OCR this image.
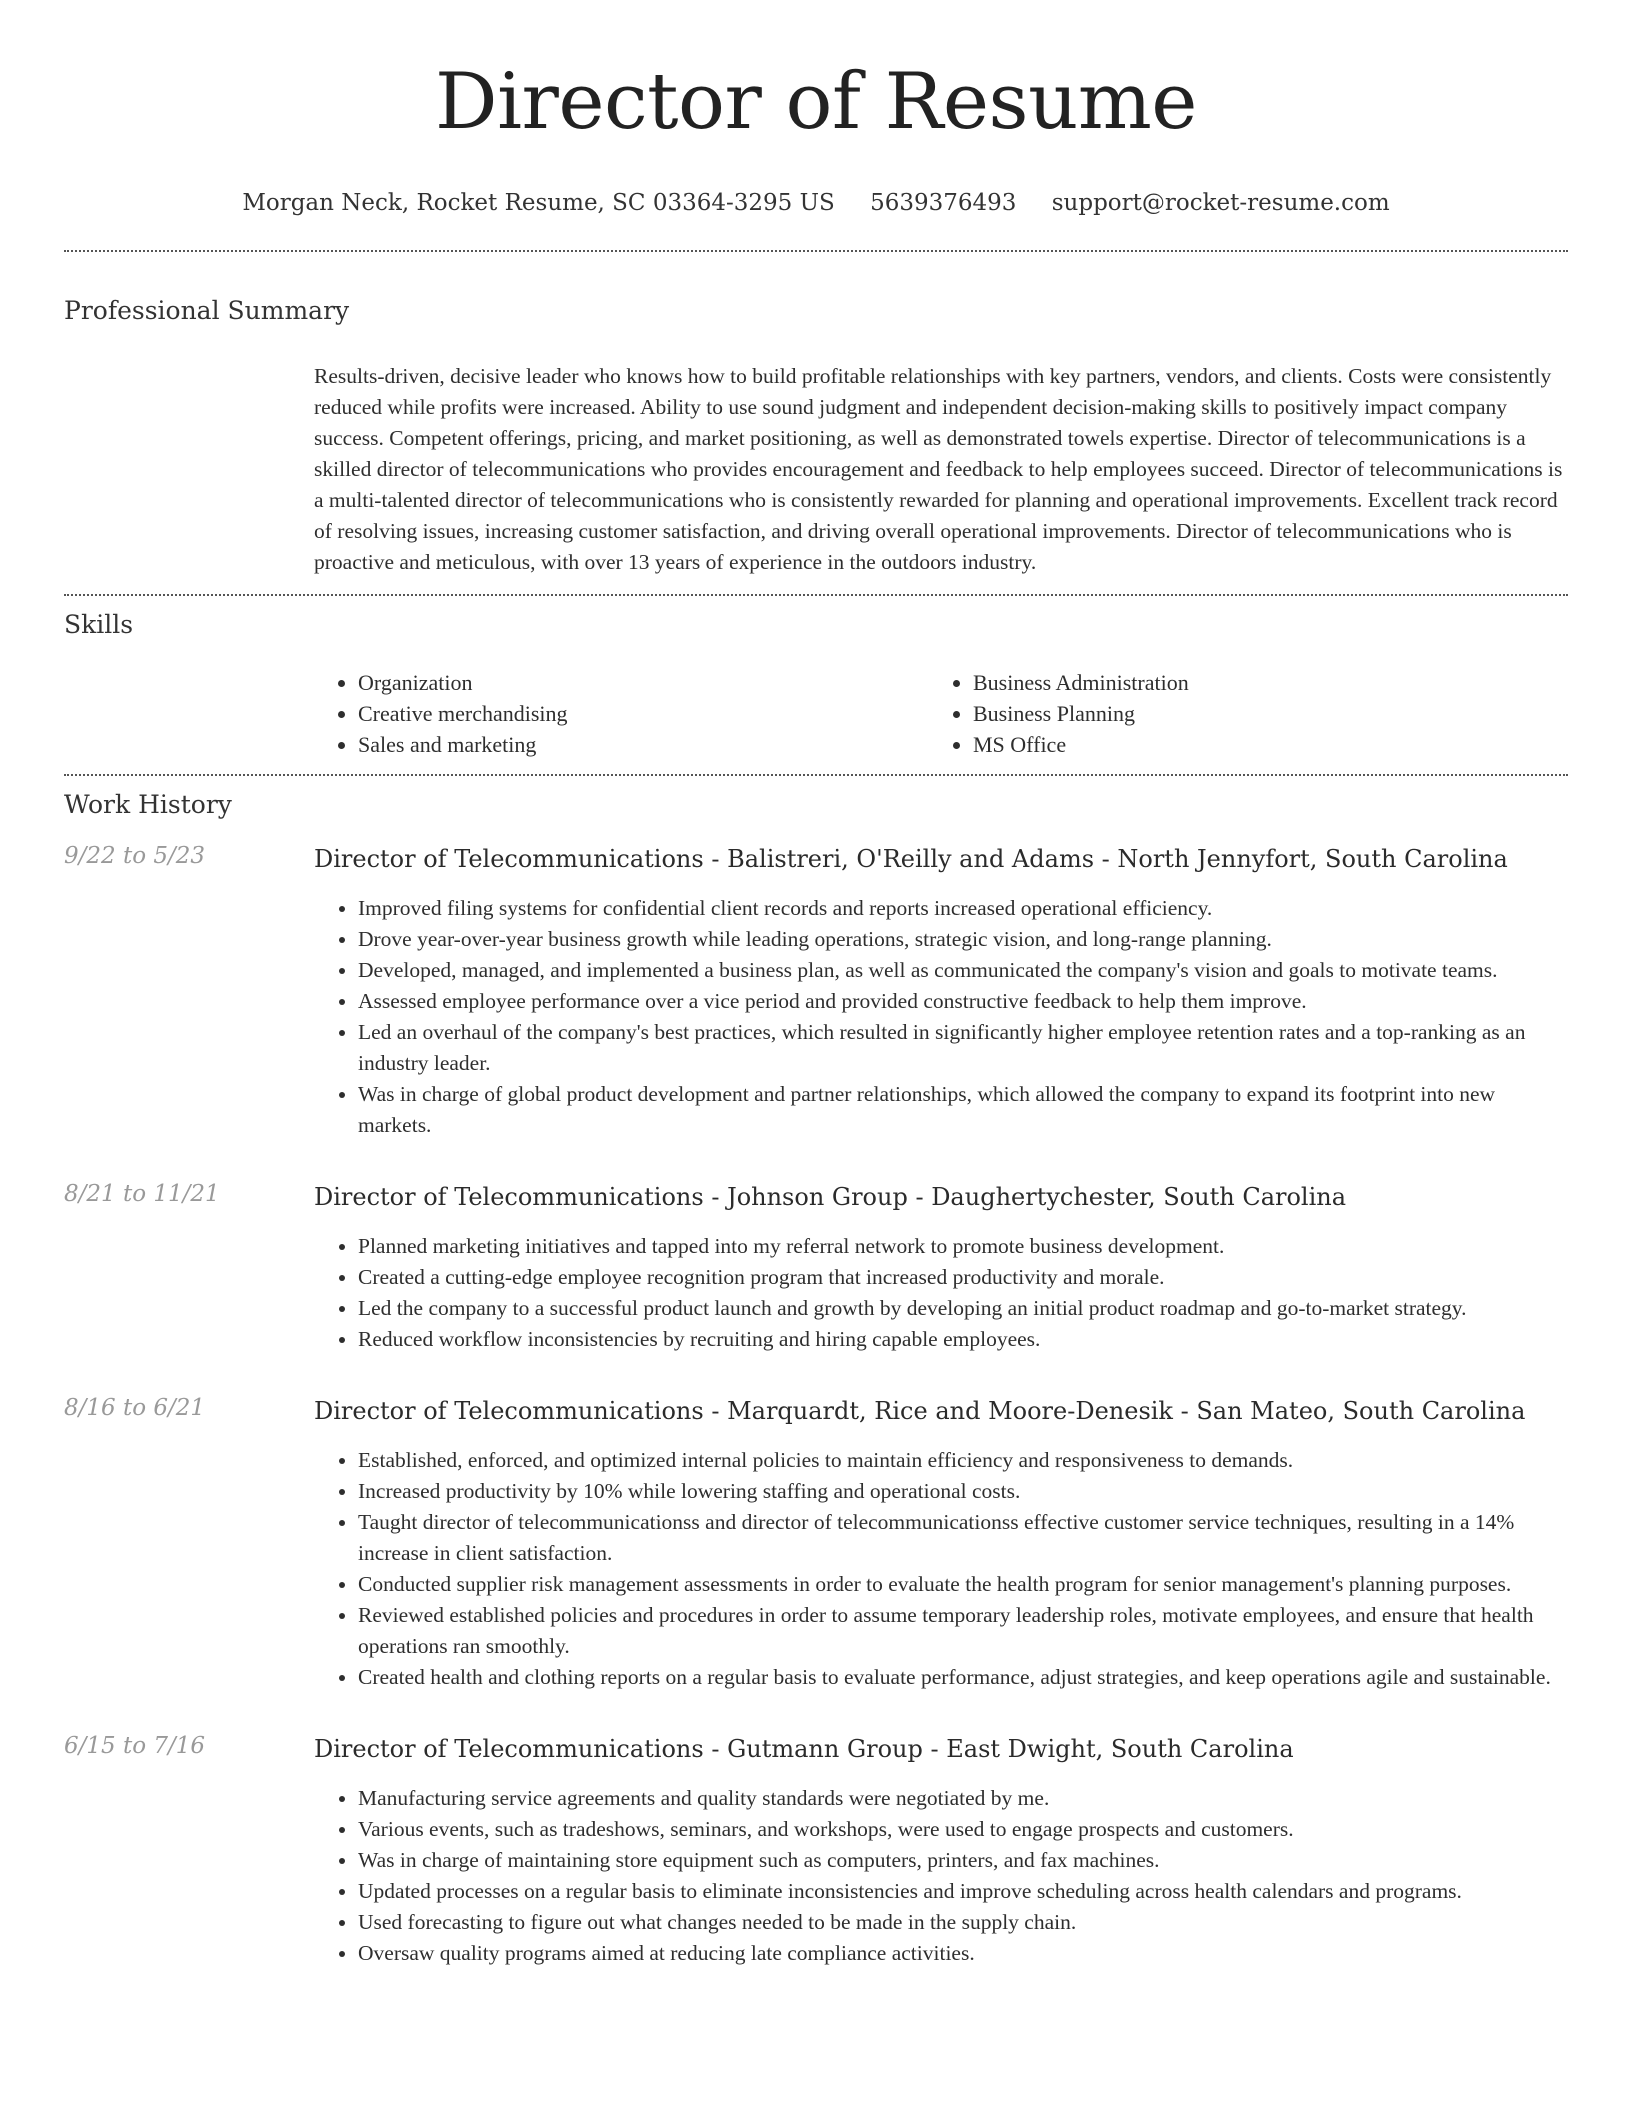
Director of Resume
Morgan Neck, Rocket Resume, SC 03364-3295 US 5639376493 support@rocket-resume.com
Professional Summary
Results-driven, decisive leader who knows how to build profitable relationships with key partners, vendors, and clients. Costs were consistently reduced while profits were increased. Ability to use sound judgment and independent decision-making skills to positively impact company success. Competent offerings, pricing, and market positioning, as well as demonstrated towels expertise. Director of telecommunications is a skilled director of telecommunications who provides encouragement and feedback to help employees succeed. Director of telecommunications is a multi-talented director of telecommunications who is consistently rewarded for planning and operational improvements. Excellent track record of resolving issues, increasing customer satisfaction, and driving overall operational improvements. Director of telecommunications who is proactive and meticulous, with over 13 years of experience in the outdoors industry.
Skills
• Organization
• Creative merchandising
• Sales and marketing
• Business Administration
• Business Planning
• MS Office
Work History
9/22 to 5/23	Director of Telecommunications - Balistreri, O'Reilly and Adams - North Jennyfort, South Carolina
• Improved filing systems for confidential client records and reports increased operational efficiency.
• Drove year-over-year business growth while leading operations, strategic vision, and long-range planning.
• Developed, managed, and implemented a business plan, as well as communicated the company's vision and goals to motivate teams.
• Assessed employee performance over a vice period and provided constructive feedback to help them improve.
• Led an overhaul of the company's best practices, which resulted in significantly higher employee retention rates and a top-ranking as an industry leader.
• Was in charge of global product development and partner relationships, which allowed the company to expand its footprint into new markets.
8/21 to 11/21	Director of Telecommunications - Johnson Group - Daughertychester, South Carolina
• Planned marketing initiatives and tapped into my referral network to promote business development.
• Created a cutting-edge employee recognition program that increased productivity and morale.
• Led the company to a successful product launch and growth by developing an initial product roadmap and go-to-market strategy.
• Reduced workflow inconsistencies by recruiting and hiring capable employees.
8/16 to 6/21	Director of Telecommunications - Marquardt, Rice and Moore-Denesik - San Mateo, South Carolina
• Established, enforced, and optimized internal policies to maintain efficiency and responsiveness to demands.
• Increased productivity by 10% while lowering staffing and operational costs.
• Taught director of telecommunicationss and director of telecommunicationss effective customer service techniques, resulting in a 14% increase in client satisfaction.
• Conducted supplier risk management assessments in order to evaluate the health program for senior management's planning purposes.
• Reviewed established policies and procedures in order to assume temporary leadership roles, motivate employees, and ensure that health operations ran smoothly.
• Created health and clothing reports on a regular basis to evaluate performance, adjust strategies, and keep operations agile and sustainable.
6/15 to 7/16	Director of Telecommunications - Gutmann Group - East Dwight, South Carolina
• Manufacturing service agreements and quality standards were negotiated by me.
• Various events, such as tradeshows, seminars, and workshops, were used to engage prospects and customers.
• Was in charge of maintaining store equipment such as computers, printers, and fax machines.
• Updated processes on a regular basis to eliminate inconsistencies and improve scheduling across health calendars and programs.
• Used forecasting to figure out what changes needed to be made in the supply chain.
• Oversaw quality programs aimed at reducing late compliance activities.
